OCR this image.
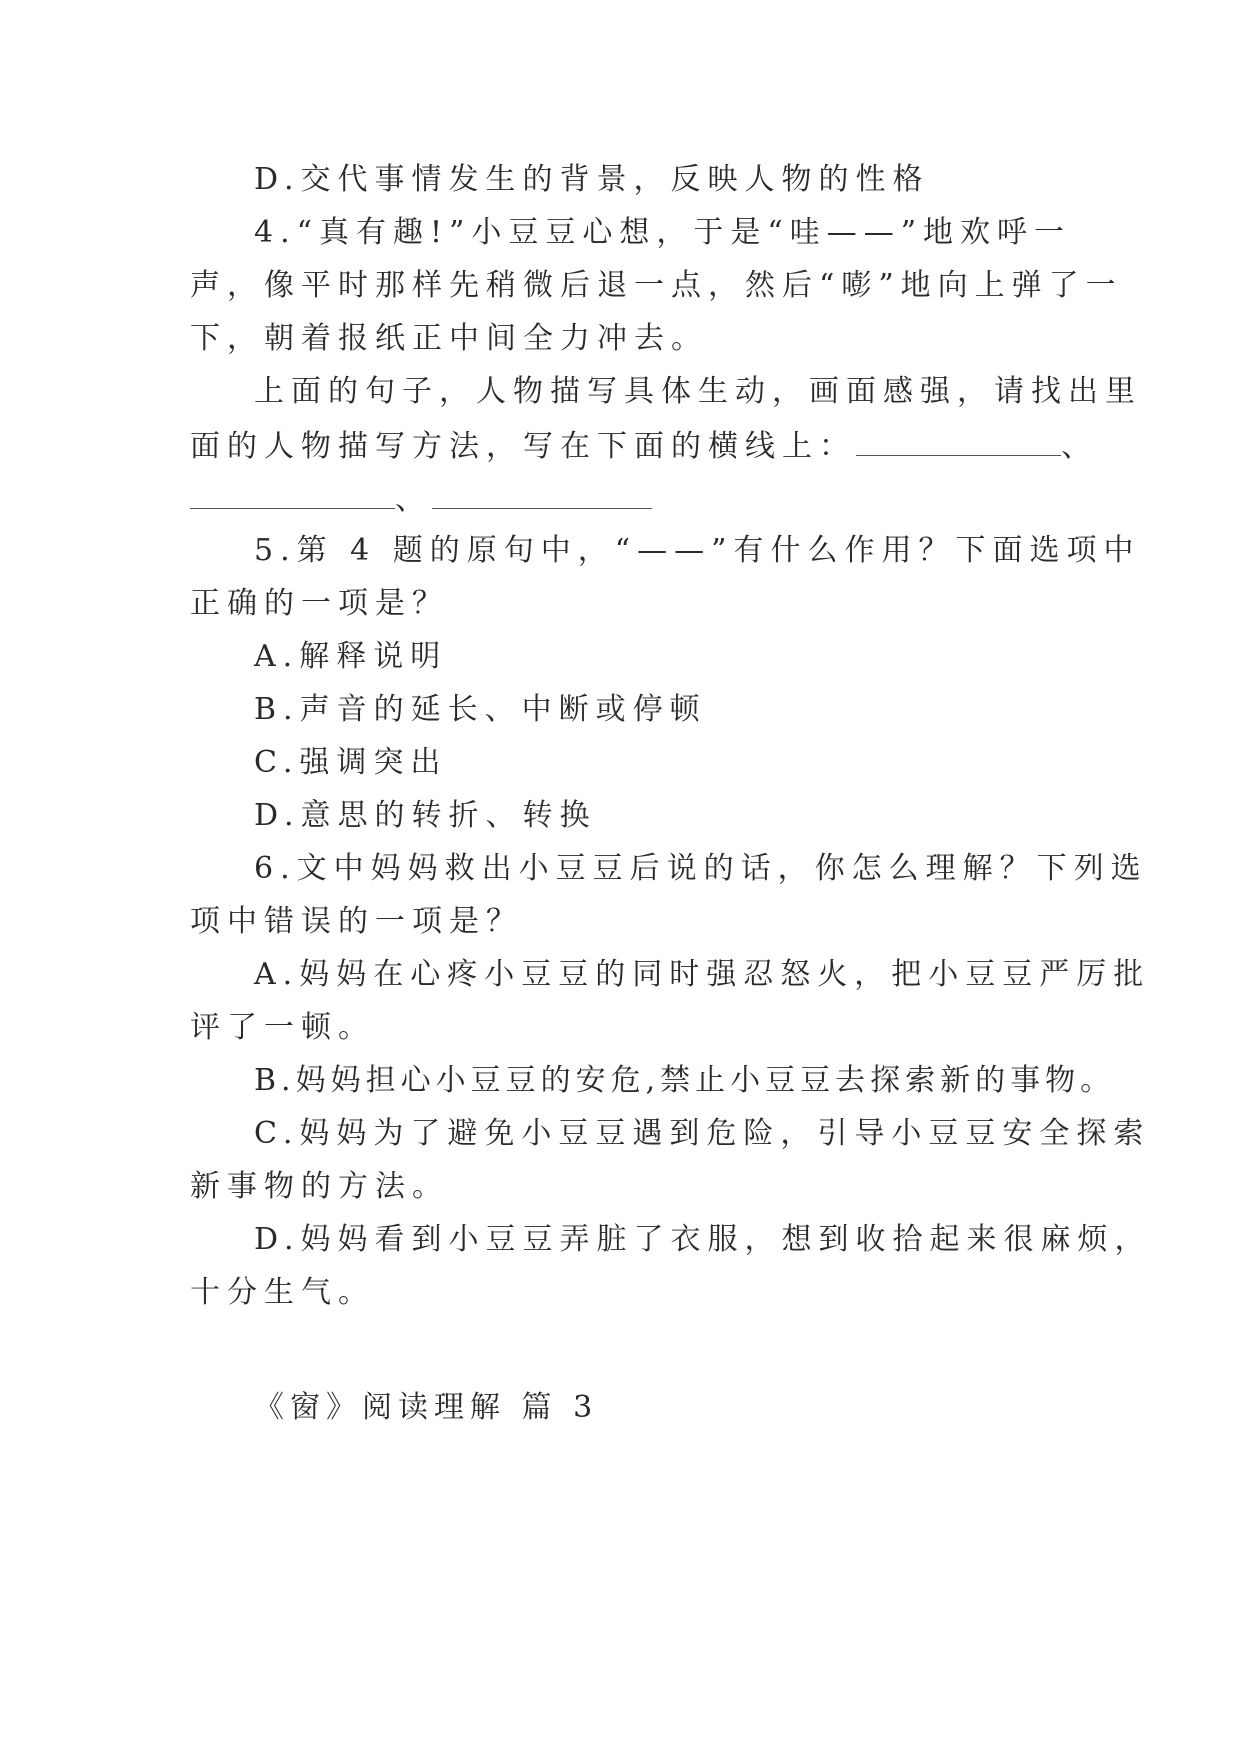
D.交代事情发生的背景，反映人物的性格
4.“真有趣!”小豆豆心想，于是“哇——”地欢呼一
声，像平时那样先稍微后退一点，然后“嘭”地向上弹了一
下，朝着报纸正中间全力冲去。
上面的句子，人物描写具体生动，画面感强，请找出里
面的人物描写方法，写在下面的横线上：	、
、
5.第 4 题的原句中，“——”有什么作用？下面选项中
正确的一项是？
A.解释说明
B.声音的延长、中断或停顿
C.强调突出
D.意思的转折、转换
6.文中妈妈救出小豆豆后说的话，你怎么理解？下列选
项中错误的一项是？
A.妈妈在心疼小豆豆的同时强忍怒火，把小豆豆严厉批
评了一顿。
B.妈妈担心小豆豆的安危,禁止小豆豆去探索新的事物。
C.妈妈为了避免小豆豆遇到危险，引导小豆豆安全探索
新事物的方法。
D.妈妈看到小豆豆弄脏了衣服，想到收拾起来很麻烦，
十分生气。
《窗》阅读理解 篇 3
